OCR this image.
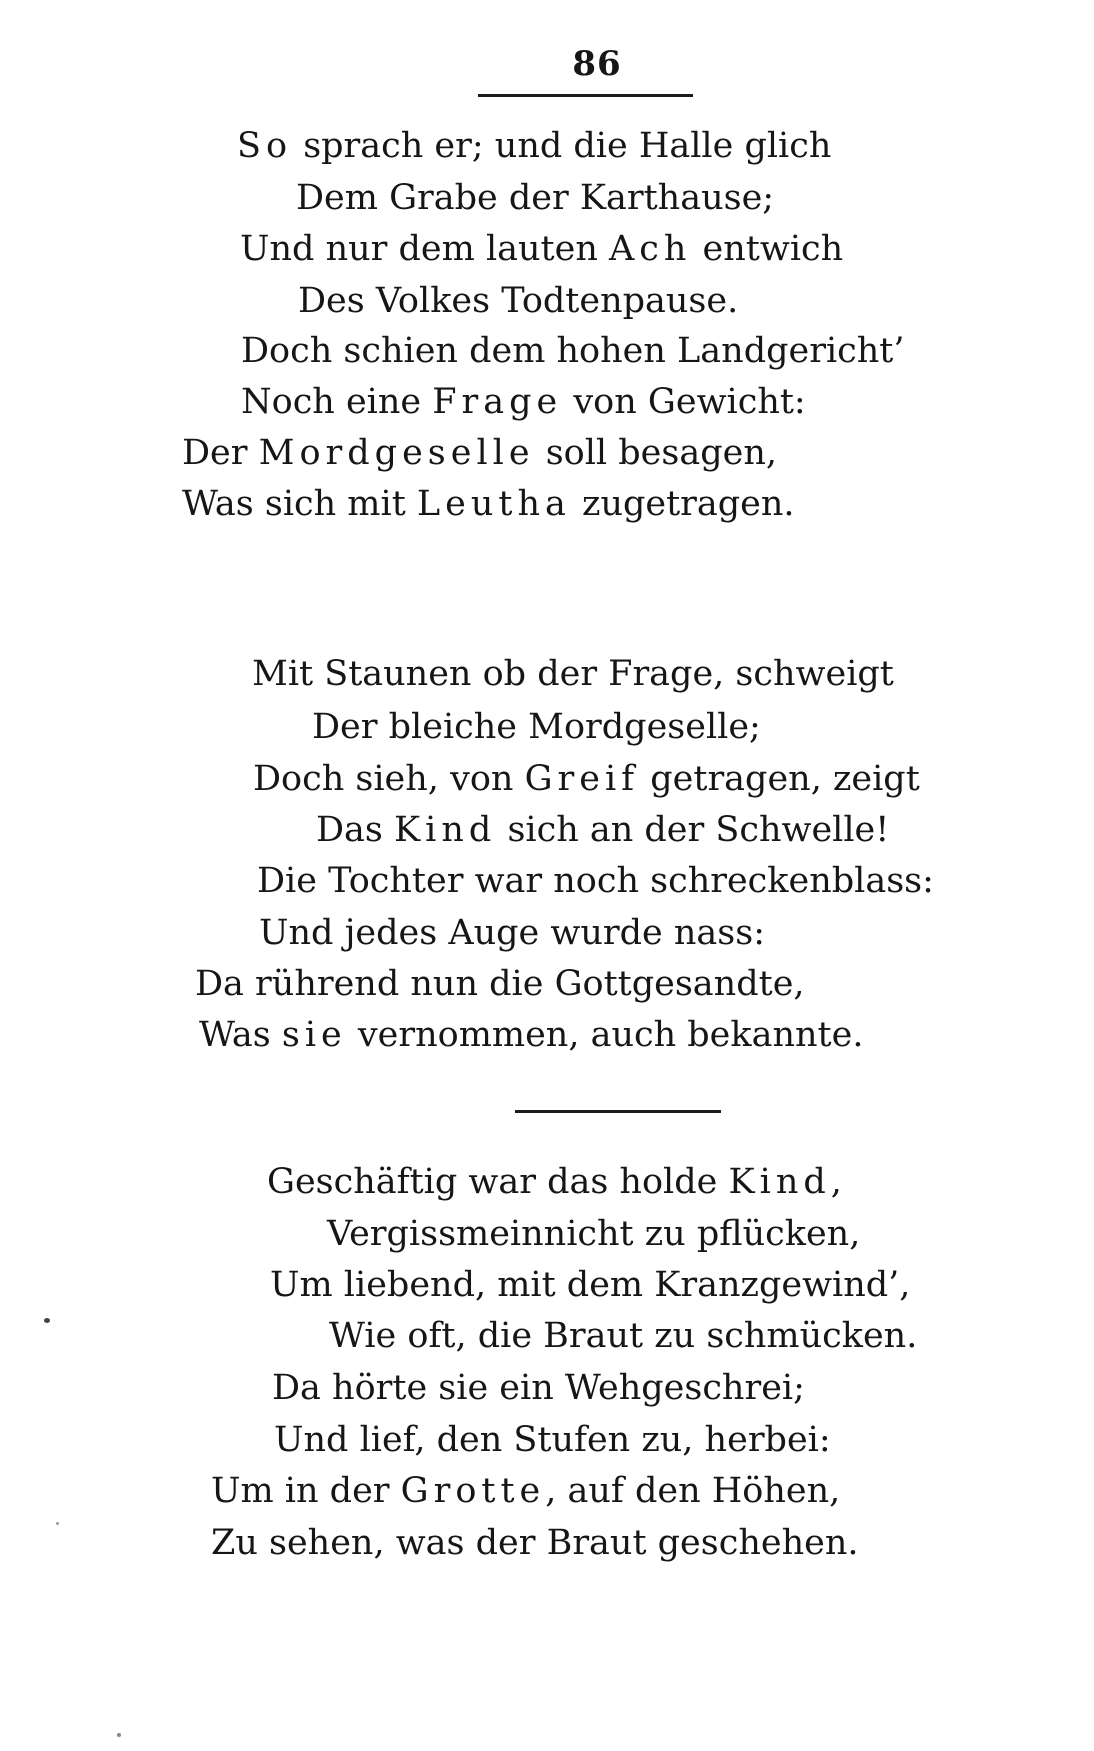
86
So sprach er; und die Halle glich
Dem Grabe der Karthause;
Und nur dem lauten Ach entwich
Des Volkes Todtenpause.
Doch schien dem hohen Landgericht’
Noch eine Frage von Gewicht:
Der Mordgeselle soll besagen,
Was sich mit Leutha zugetragen.
Mit Staunen ob der Frage, schweigt
Der bleiche Mordgeselle;
Doch sieh, von Greif getragen, zeigt
Das Kind sich an der Schwelle!
Die Tochter war noch schreckenblass:
Und jedes Auge wurde nass:
Da rührend nun die Gottgesandte,
Was sie vernommen, auch bekannte.
Geschäftig war das holde Kind,
Vergissmeinnicht zu pflücken,
Um liebend, mit dem Kranzgewind’,
Wie oft, die Braut zu schmücken.
Da hörte sie ein Wehgeschrei;
Und lief, den Stufen zu, herbei:
Um in der Grotte, auf den Höhen,
Zu sehen, was der Braut geschehen.
